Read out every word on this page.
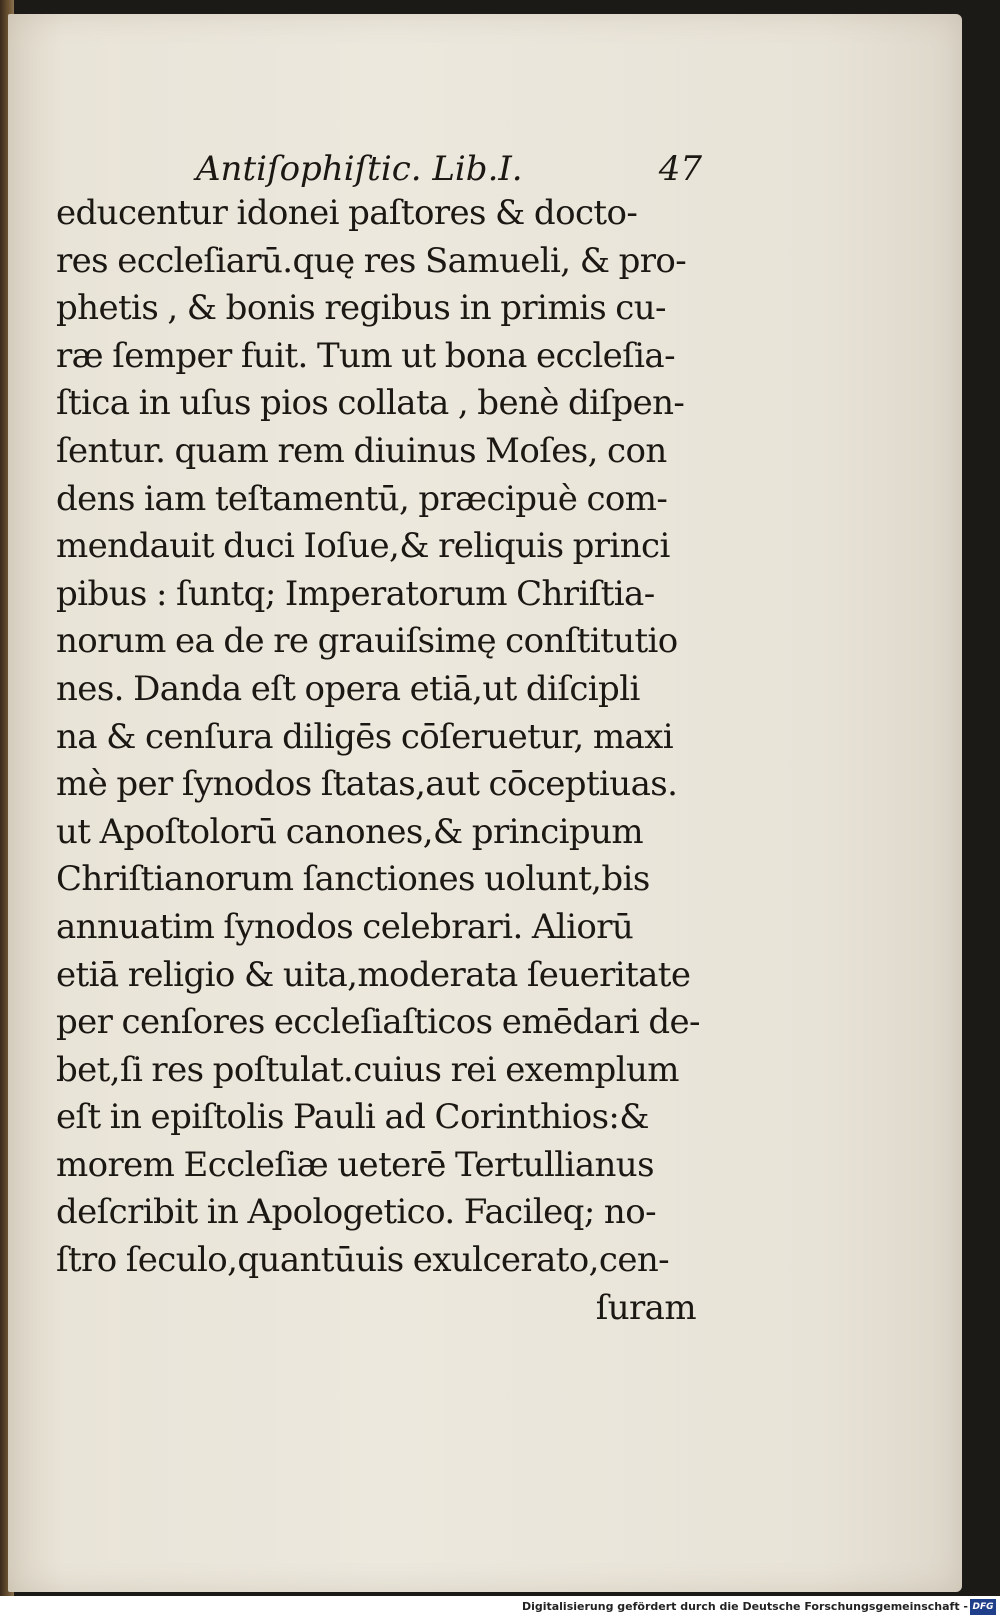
Antiſophiſtic. Lib.I.	47
educentur idonei paſtores & docto-
res eccleſiarū.quę res Samueli, & pro-
phetis , & bonis regibus in primis cu-
ræ ſemper fuit. Tum ut bona eccleſia-
ſtica in uſus pios collata , benè diſpen-
ſentur. quam rem diuinus Moſes, con
dens iam teſtamentū, præcipuè com-
mendauit duci Ioſue,& reliquis princi
pibus : ſuntq; Imperatorum Chriſtia-
norum ea de re grauiſsimę conſtitutio
nes. Danda eſt opera etiā,ut diſcipli
na & cenſura diligēs cōſeruetur, maxi
mè per ſynodos ſtatas,aut cōceptiuas.
ut Apoſtolorū canones,& principum
Chriſtianorum ſanctiones uolunt,bis
annuatim ſynodos celebrari. Aliorū
etiā religio & uita,moderata ſeueritate
per cenſores eccleſiaſticos emēdari de-
bet,ſi res poſtulat.cuius rei exemplum
eſt in epiſtolis Pauli ad Corinthios:&
morem Eccleſiæ ueterē Tertullianus
deſcribit in Apologetico. Facileq; no-
ſtro ſeculo,quantūuis exulcerato,cen-
ſuram
Digitalisierung gefördert durch die Deutsche Forschungsgemeinschaft - DFG
